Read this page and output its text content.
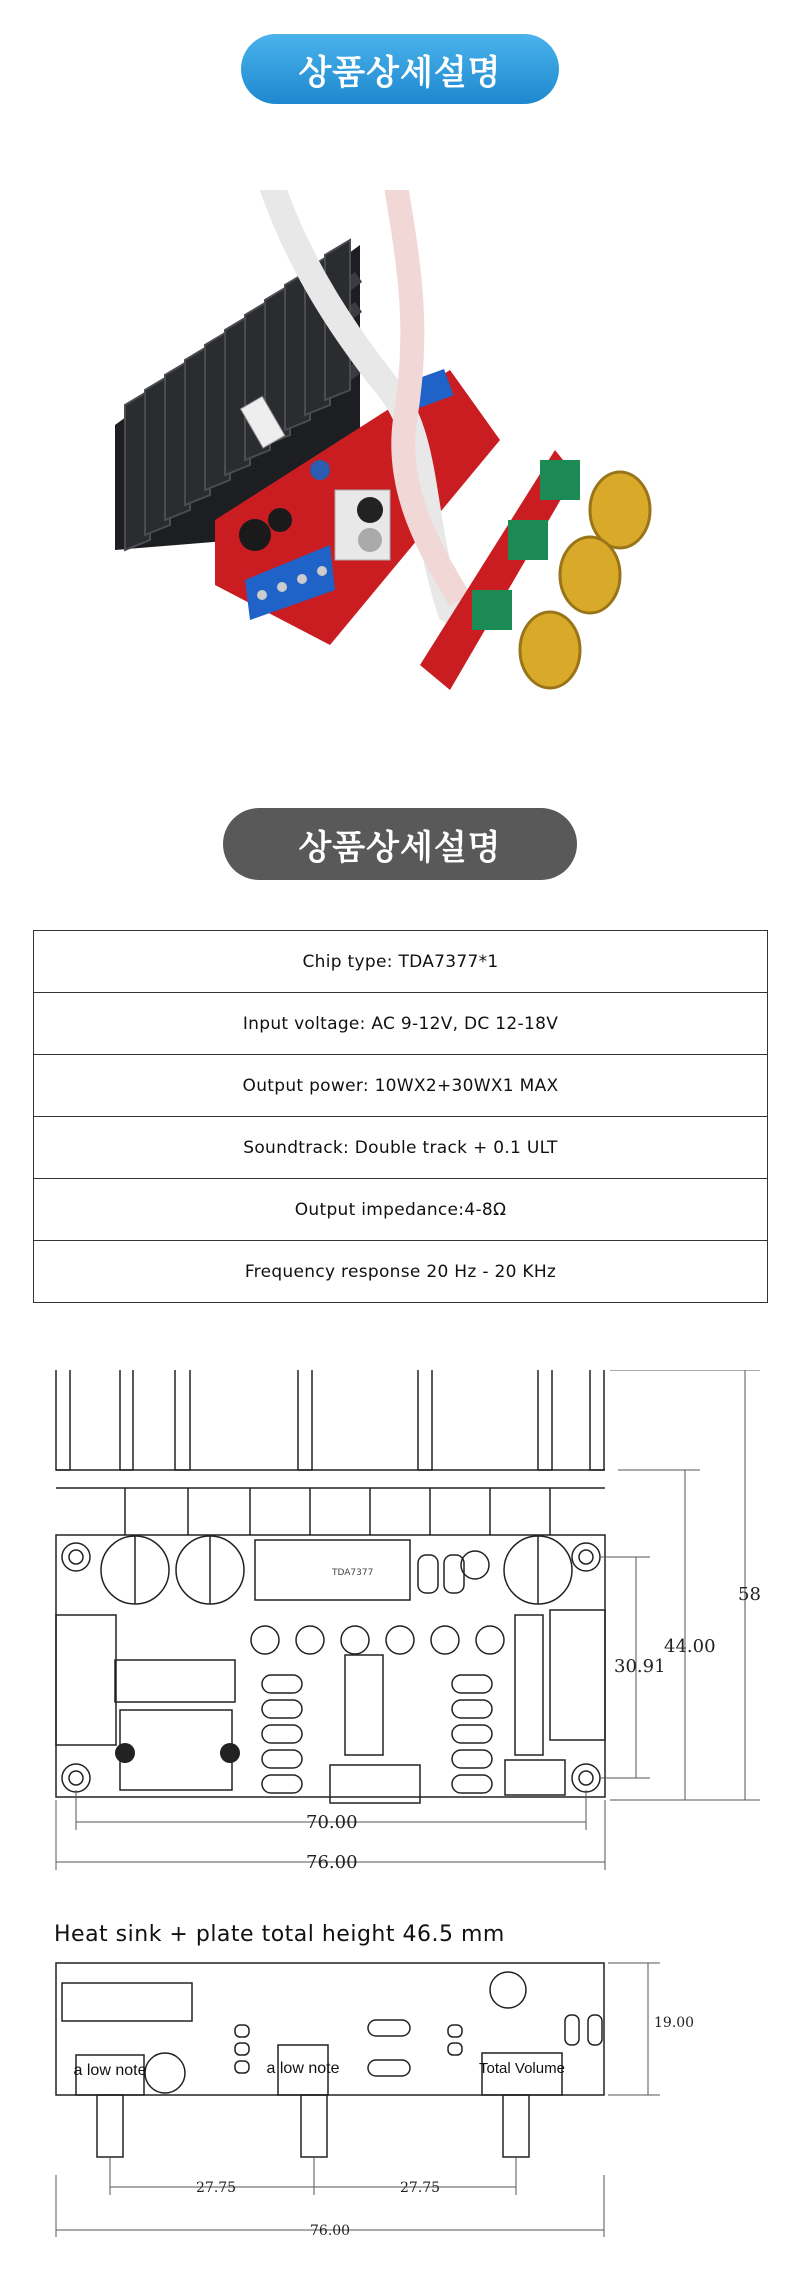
상품상세설명
상품상세설명
Chip type: TDA7377*1
Input voltage: AC 9-12V, DC 12-18V
Output power: 10WX2+30WX1 MAX
Soundtrack: Double track + 0.1 ULT
Output impedance:4-8Ω
Frequency response 20 Hz - 20 KHz
TDA7377
58
44.00
30.91
70.00
76.00
Heat sink + plate total height 46.5 mm
a low note	a low note	Total Volume
19.00
27.75	27.75
76.00
